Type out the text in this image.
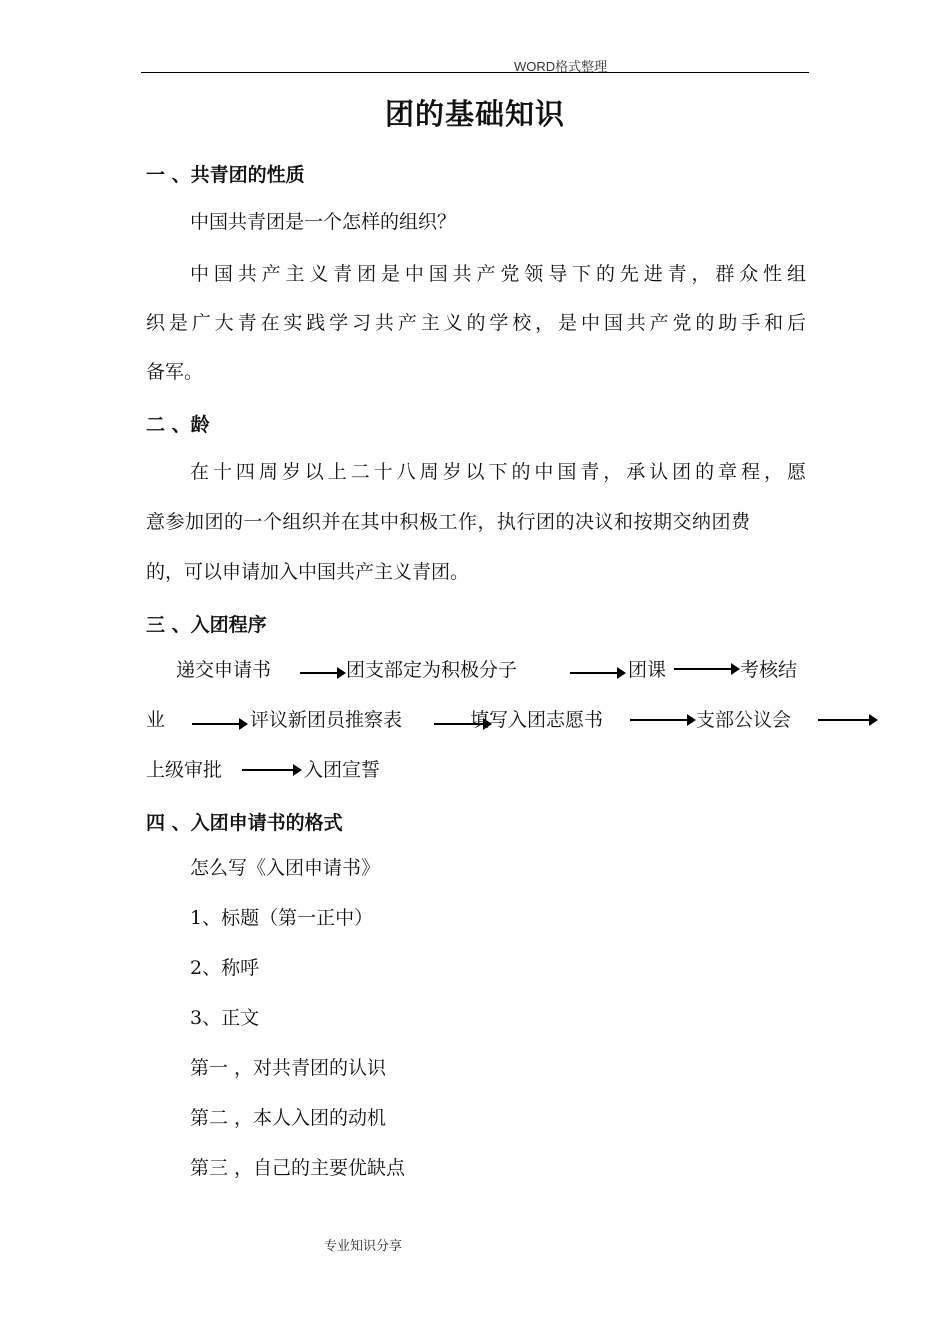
WORD格式整理
团的基础知识
一 、共青团的性质
中国共青团是一个怎样的组织？
中国共产主义青团是中国共产党领导下的先进青，群众性组
织是广大青在实践学习共产主义的学校，是中国共产党的助手和后
备军。
二 、龄
在十四周岁以上二十八周岁以下的中国青，承认团的章程，愿
意参加团的一个组织并在其中积极工作，执行团的决议和按期交纳团费
的，可以申请加入中国共产主义青团。
三 、入团程序
递交申请书	团支部定为积极分子	团课	考核结
业	评议新团员推察表	填写入团志愿书	支部公议会
上级审批	入团宣誓
四 、入团申请书的格式
怎么写《入团申请书》
1、标题（第一正中）
2、称呼
3、正文
第一 ，对共青团的认识
第二 ，本人入团的动机
第三 ，自己的主要优缺点
专业知识分享
